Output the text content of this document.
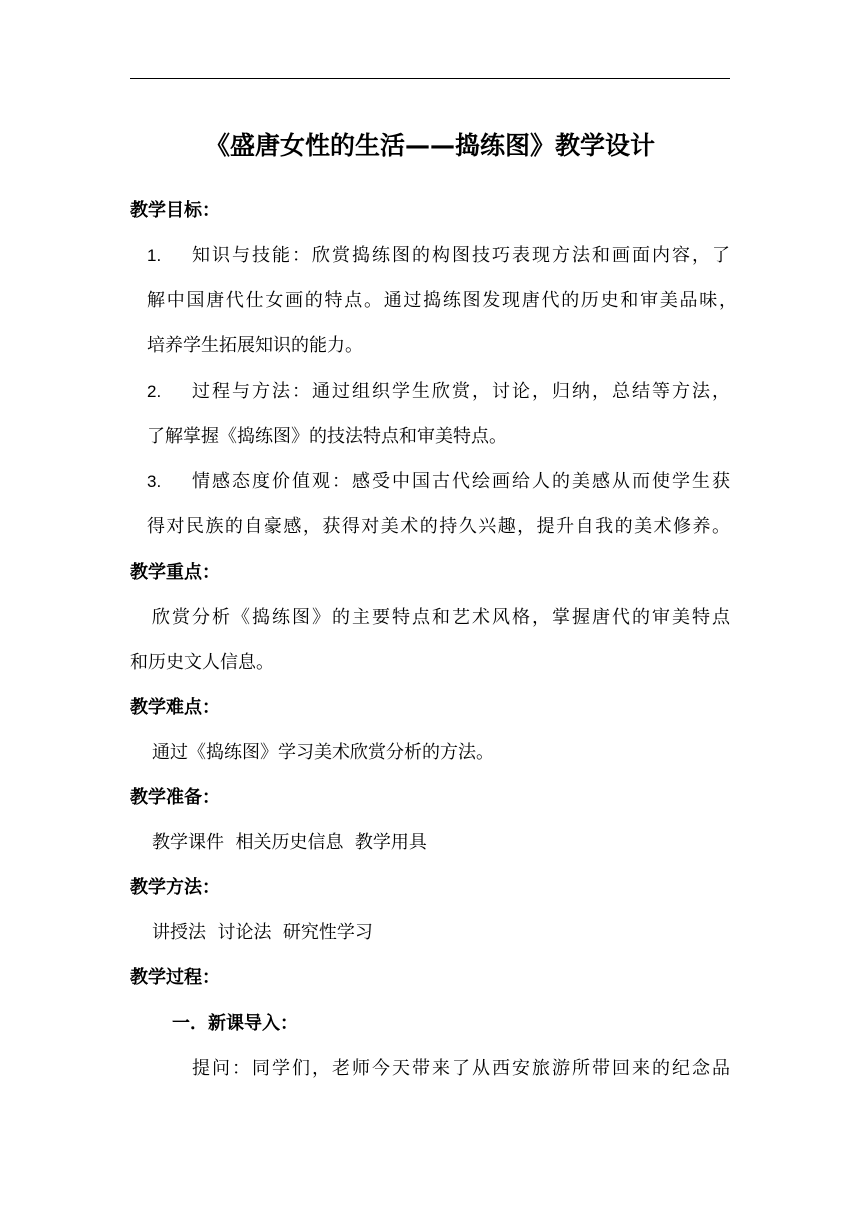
《盛唐女性的生活——捣练图》教学设计
教学目标：
1. 知识与技能：欣赏捣练图的构图技巧表现方法和画面内容，了
解中国唐代仕女画的特点。通过捣练图发现唐代的历史和审美品味，
培养学生拓展知识的能力。
2. 过程与方法：通过组织学生欣赏，讨论，归纳，总结等方法，
了解掌握《捣练图》的技法特点和审美特点。
3. 情感态度价值观：感受中国古代绘画给人的美感从而使学生获
得对民族的自豪感，获得对美术的持久兴趣，提升自我的美术修养。
教学重点：
欣赏分析《捣练图》的主要特点和艺术风格，掌握唐代的审美特点
和历史文人信息。
教学难点：
通过《捣练图》学习美术欣赏分析的方法。
教学准备：
教学课件  相关历史信息  教学用具
教学方法：
讲授法  讨论法  研究性学习
教学过程：
一．新课导入：
提问：同学们，老师今天带来了从西安旅游所带回来的纪念品
